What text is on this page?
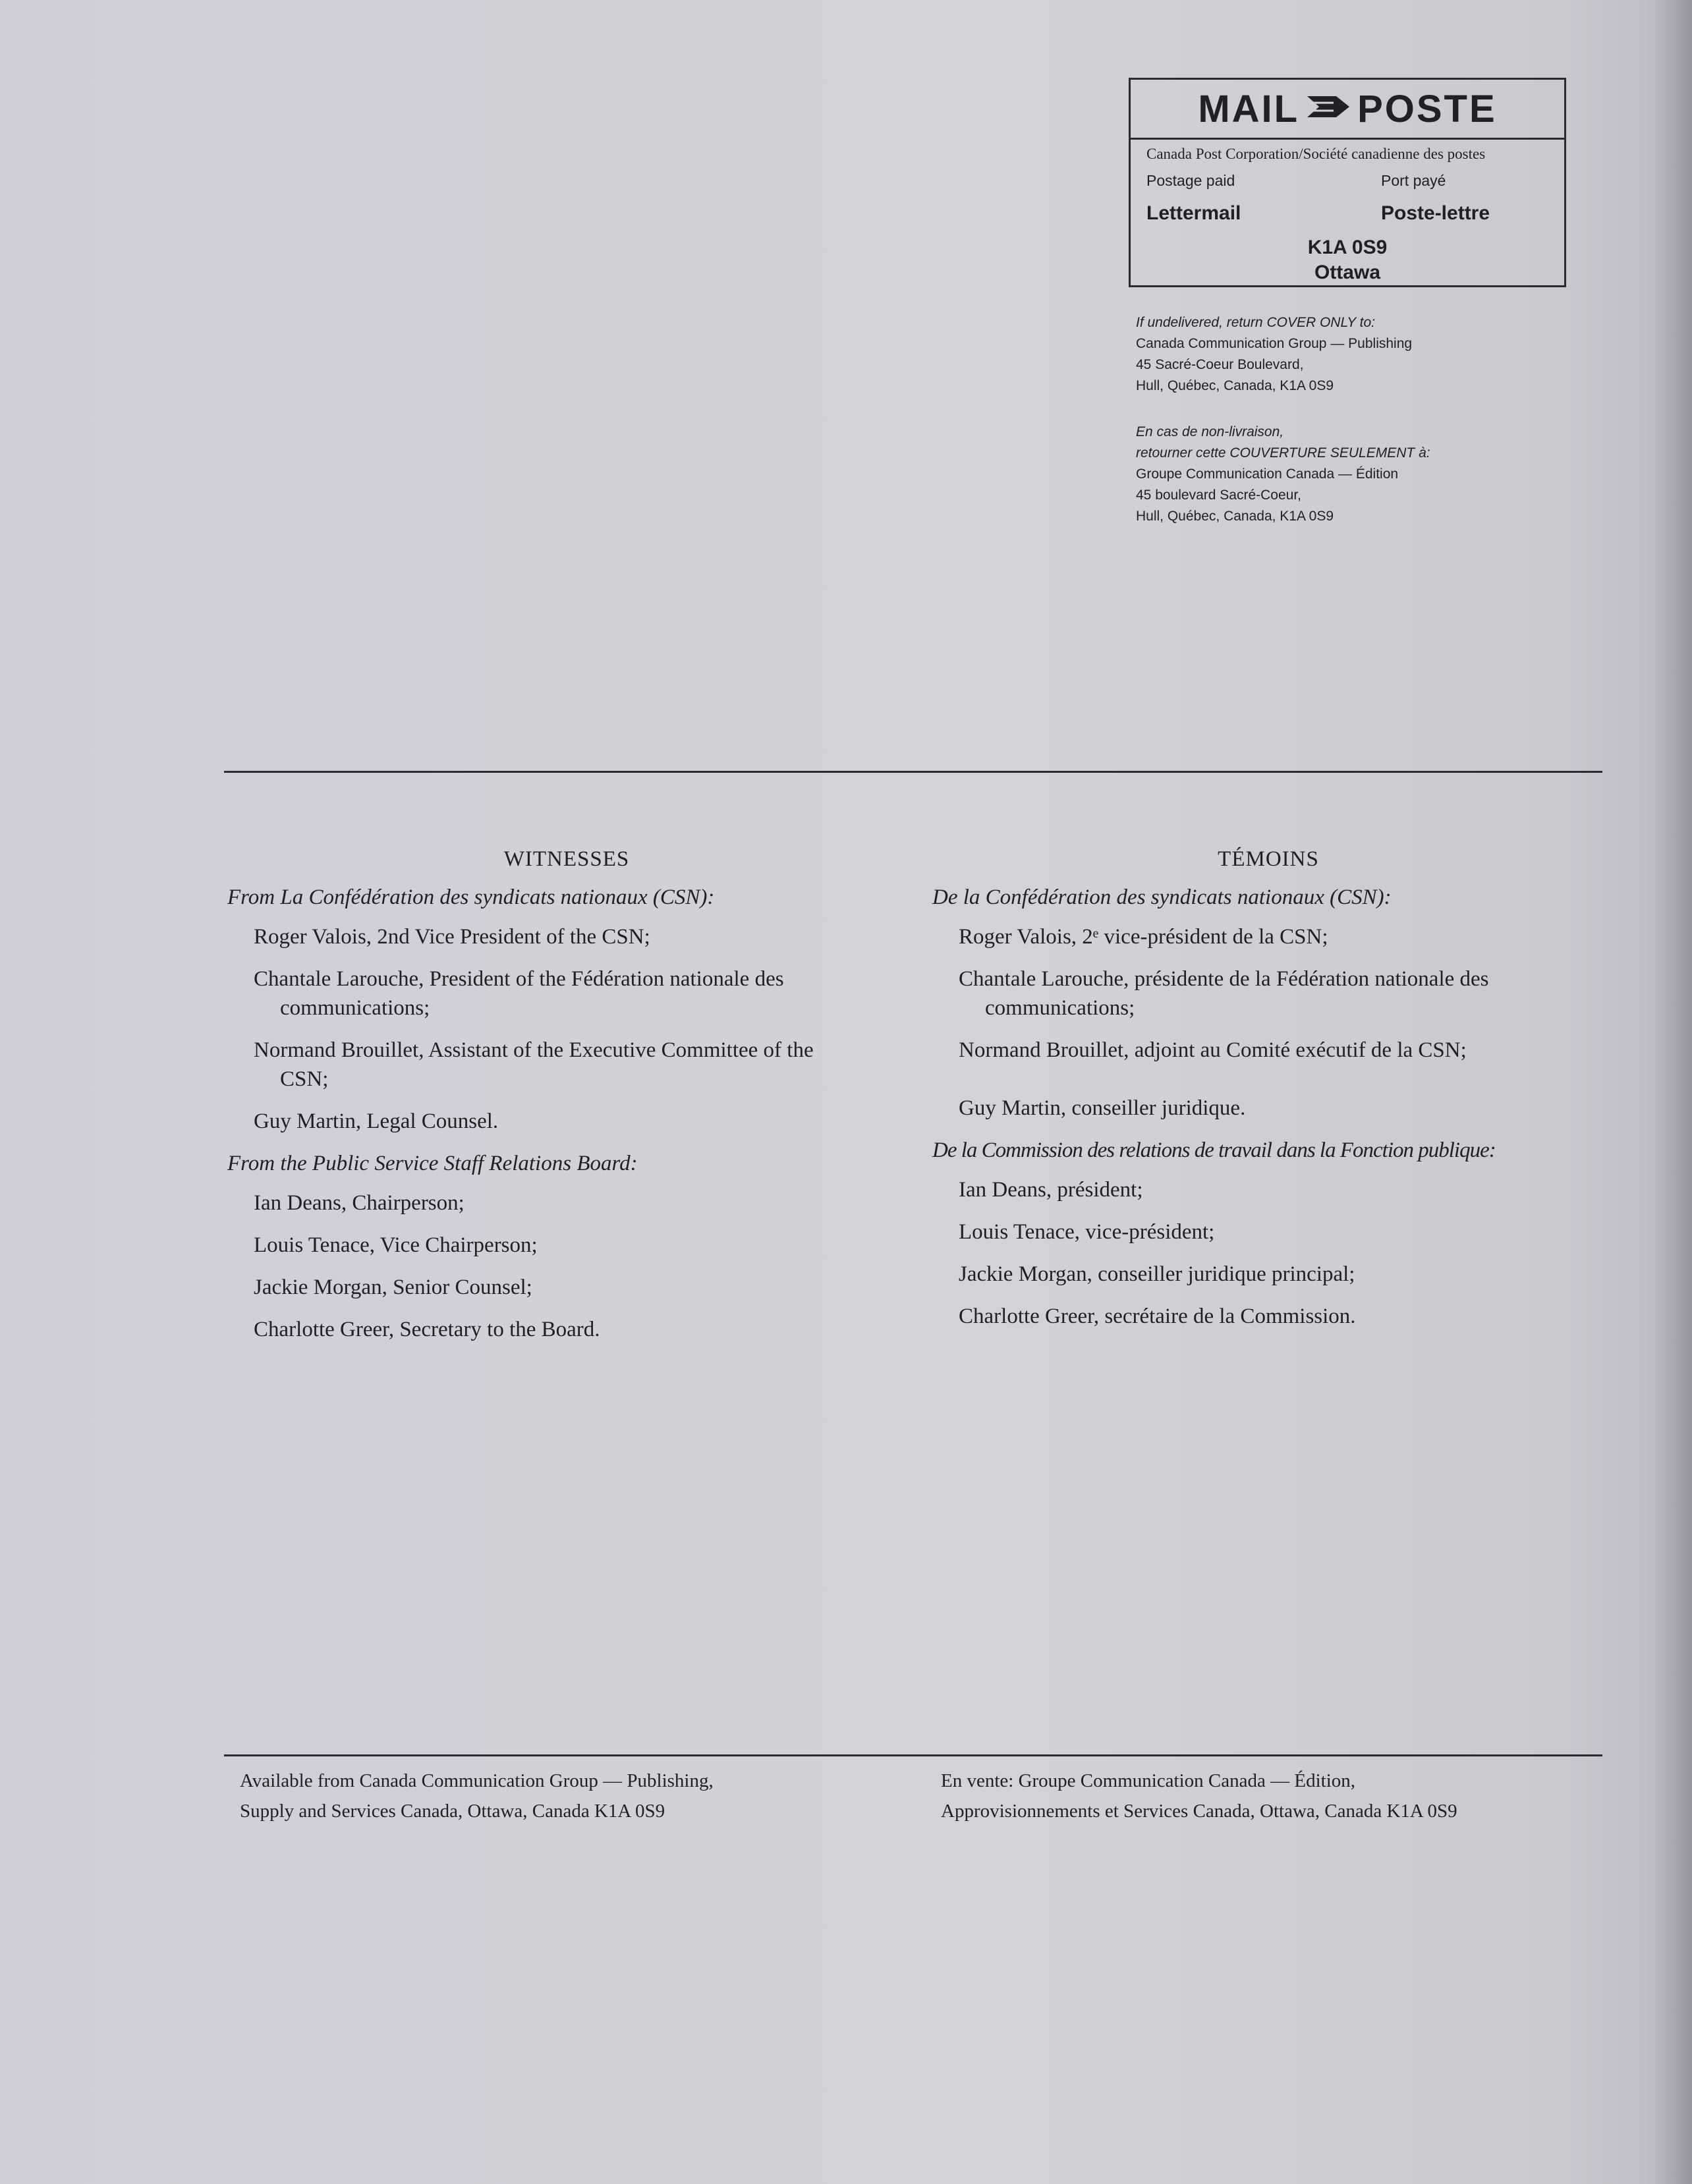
MAIL POSTE
Canada Post Corporation/Société canadienne des postes
Postage paid	Port payé
Lettermail	Poste-lettre
K1A 0S9
Ottawa
If undelivered, return COVER ONLY to:
Canada Communication Group — Publishing
45 Sacré-Coeur Boulevard,
Hull, Québec, Canada, K1A 0S9
En cas de non-livraison,
retourner cette COUVERTURE SEULEMENT à:
Groupe Communication Canada — Édition
45 boulevard Sacré-Coeur,
Hull, Québec, Canada, K1A 0S9
WITNESSES
From La Confédération des syndicats nationaux (CSN):
Roger Valois, 2nd Vice President of the CSN;
Chantale Larouche, President of the Fédération nationale des
communications;
Normand Brouillet, Assistant of the Executive Committee of the
CSN;
Guy Martin, Legal Counsel.
From the Public Service Staff Relations Board:
Ian Deans, Chairperson;
Louis Tenace, Vice Chairperson;
Jackie Morgan, Senior Counsel;
Charlotte Greer, Secretary to the Board.
TÉMOINS
De la Confédération des syndicats nationaux (CSN):
Roger Valois, 2ᵉ vice-président de la CSN;
Chantale Larouche, présidente de la Fédération nationale des
communications;
Normand Brouillet, adjoint au Comité exécutif de la CSN;
Guy Martin, conseiller juridique.
De la Commission des relations de travail dans la Fonction publique:
Ian Deans, président;
Louis Tenace, vice-président;
Jackie Morgan, conseiller juridique principal;
Charlotte Greer, secrétaire de la Commission.
Available from Canada Communication Group — Publishing,
Supply and Services Canada, Ottawa, Canada K1A 0S9
En vente: Groupe Communication Canada — Édition,
Approvisionnements et Services Canada, Ottawa, Canada K1A 0S9
